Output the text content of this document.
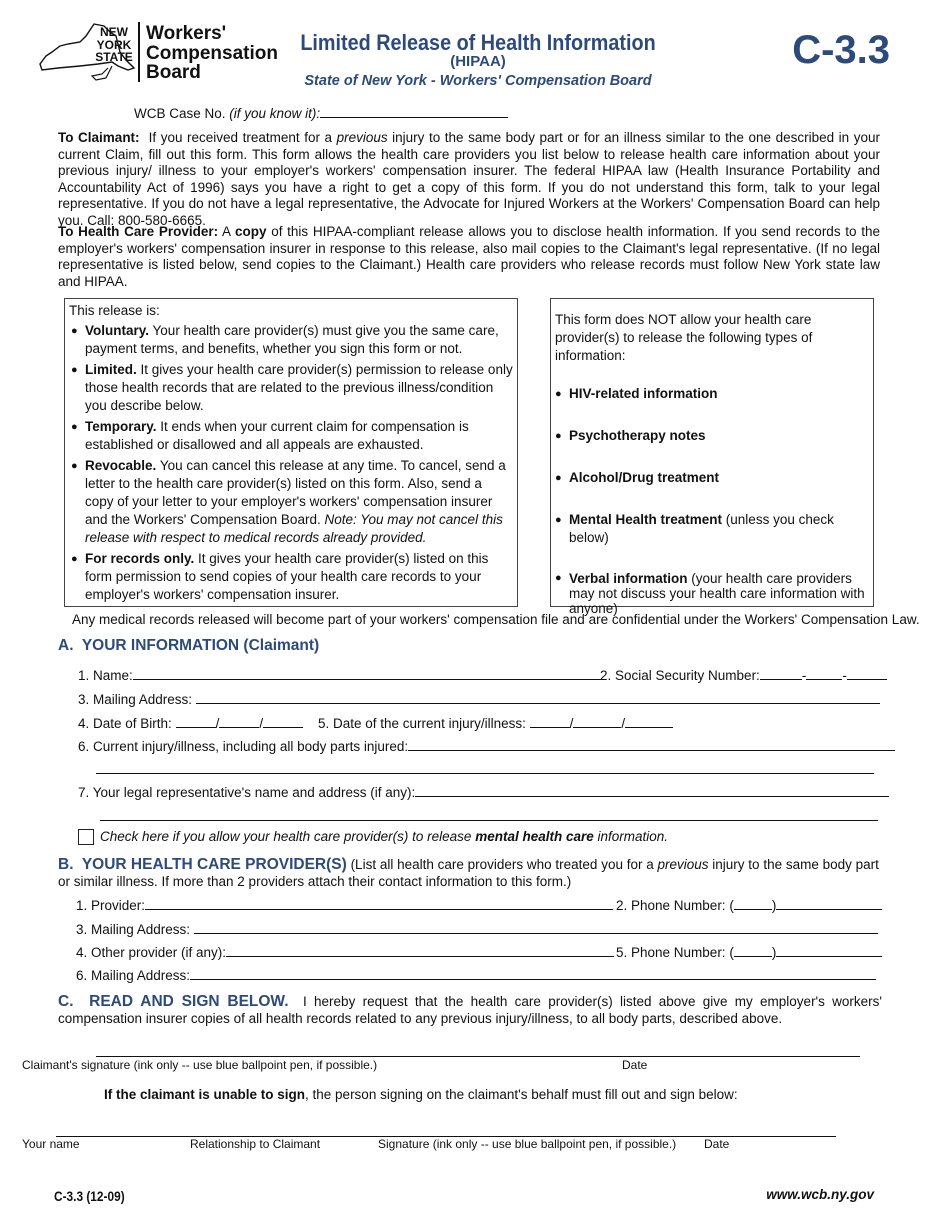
NEW
YORK
STATE
Workers'
Compensation
Board
Limited Release of Health Information
(HIPAA)
State of New York - Workers' Compensation Board
C-3.3
WCB Case No. (if you know it):

To Claimant: If you received treatment for a previous injury to the same body part or for an illness similar to the one described in your current Claim, fill out this form. This form allows the health care providers you list below to release health care information about your previous injury/ illness to your employer's workers' compensation insurer. The federal HIPAA law (Health Insurance Portability and Accountability Act of 1996) says you have a right to get a copy of this form. If you do not understand this form, talk to your legal representative. If you do not have a legal representative, the Advocate for Injured Workers at the Workers' Compensation Board can help you. Call: 800-580-6665.

To Health Care Provider: A copy of this HIPAA-compliant release allows you to disclose health information. If you send records to the employer's workers' compensation insurer in response to this release, also mail copies to the Claimant's legal representative. (If no legal representative is listed below, send copies to the Claimant.) Health care providers who release records must follow New York state law and HIPAA.

This release is:
● Voluntary. Your health care provider(s) must give you the same care, payment terms, and benefits, whether you sign this form or not.
● Limited. It gives your health care provider(s) permission to release only those health records that are related to the previous illness/condition you describe below.
● Temporary. It ends when your current claim for compensation is established or disallowed and all appeals are exhausted.
● Revocable. You can cancel this release at any time. To cancel, send a letter to the health care provider(s) listed on this form. Also, send a copy of your letter to your employer's workers' compensation insurer and the Workers' Compensation Board. Note: You may not cancel this release with respect to medical records already provided.
● For records only. It gives your health care provider(s) listed on this form permission to send copies of your health care records to your employer's workers' compensation insurer.
This form does NOT allow your health care provider(s) to release the following types of information:
● HIV-related information
● Psychotherapy notes
● Alcohol/Drug treatment
● Mental Health treatment (unless you check below)
● Verbal information (your health care providers may not discuss your health care information with anyone)
Any medical records released will become part of your workers' compensation file and are confidential under the Workers' Compensation Law.
A. YOUR INFORMATION (Claimant)
1. Name:	2. Social Security Number:	-	-
3. Mailing Address:
4. Date of Birth:	/	/	5. Date of the current injury/illness:	/	/
6. Current injury/illness, including all body parts injured:
7. Your legal representative's name and address (if any):
Check here if you allow your health care provider(s) to release mental health care information.
B. YOUR HEALTH CARE PROVIDER(S) (List all health care providers who treated you for a previous injury to the same body part or similar illness. If more than 2 providers attach their contact information to this form.)
1. Provider:	2. Phone Number: (	)
3. Mailing Address:
4. Other provider (if any):	5. Phone Number: (	)
6. Mailing Address:
C. READ AND SIGN BELOW. I hereby request that the health care provider(s) listed above give my employer's workers' compensation insurer copies of all health records related to any previous injury/illness, to all body parts, described above.
Claimant's signature (ink only -- use blue ballpoint pen, if possible.)	Date
If the claimant is unable to sign, the person signing on the claimant's behalf must fill out and sign below:
Your name	Relationship to Claimant	Signature (ink only -- use blue ballpoint pen, if possible.) Date
C-3.3 (12-09)	www.wcb.ny.gov
